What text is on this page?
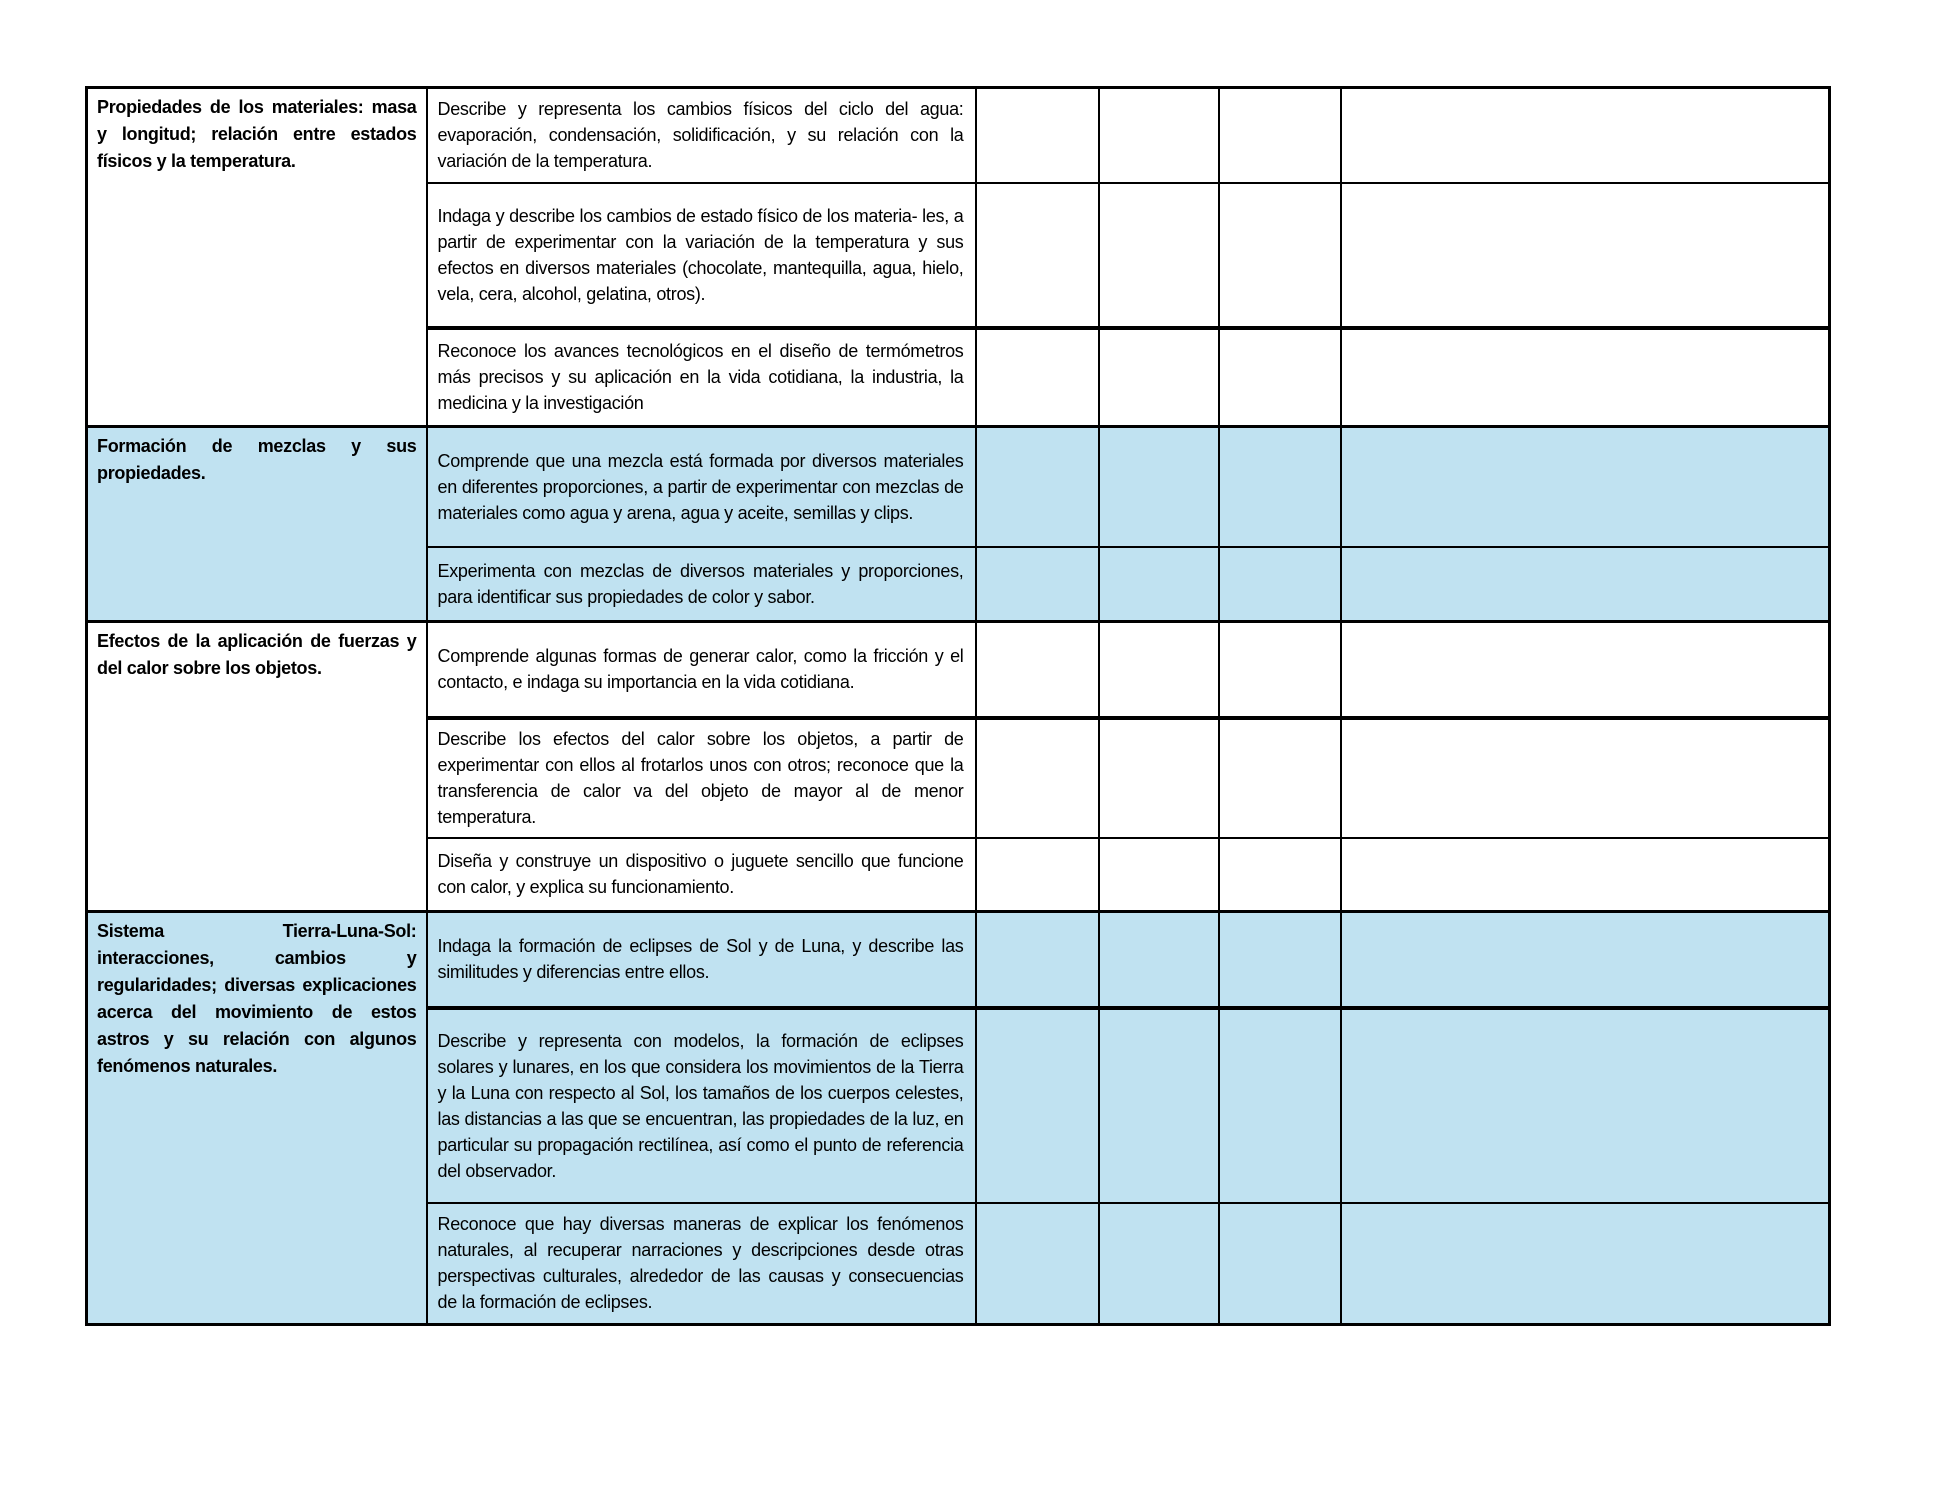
Propiedades de los materiales: masa y longitud; relación entre estados físicos y la temperatura.	Describe y representa los cambios físicos del ciclo del agua: evaporación, condensación, solidificación, y su relación con la variación de la temperatura.				

	Indaga y describe los cambios de estado físico de los materia- les, a partir de experimentar con la variación de la temperatura y sus efectos en diversos materiales (chocolate, mantequilla, agua, hielo, vela, cera, alcohol, gelatina, otros).				

	Reconoce los avances tecnológicos en el diseño de termómetros más precisos y su aplicación en la vida cotidiana, la industria, la medicina y la investigación				

Formación de mezclas y sus propiedades.	Comprende que una mezcla está formada por diversos materiales en diferentes proporciones, a partir de experimentar con mezclas de materiales como agua y arena, agua y aceite, semillas y clips.				

	Experimenta con mezclas de diversos materiales y proporciones, para identificar sus propiedades de color y sabor.				

Efectos de la aplicación de fuerzas y del calor sobre los objetos.	Comprende algunas formas de generar calor, como la fricción y el contacto, e indaga su importancia en la vida cotidiana.				

	Describe los efectos del calor sobre los objetos, a partir de experimentar con ellos al frotarlos unos con otros; reconoce que la transferencia de calor va del objeto de mayor al de menor temperatura.				

	Diseña y construye un dispositivo o juguete sencillo que funcione con calor, y explica su funcionamiento.				

Sistema Tierra-Luna-Sol: interacciones, cambios y regularidades; diversas explicaciones acerca del movimiento de estos astros y su relación con algunos fenómenos naturales.	Indaga la formación de eclipses de Sol y de Luna, y describe las similitudes y diferencias entre ellos.				

	Describe y representa con modelos, la formación de eclipses solares y lunares, en los que considera los movimientos de la Tierra y la Luna con respecto al Sol, los tamaños de los cuerpos celestes, las distancias a las que se encuentran, las propiedades de la luz, en particular su propagación rectilínea, así como el punto de referencia del observador.				

	Reconoce que hay diversas maneras de explicar los fenómenos naturales, al recuperar narraciones y descripciones desde otras perspectivas culturales, alrededor de las causas y consecuencias de la formación de eclipses.				
